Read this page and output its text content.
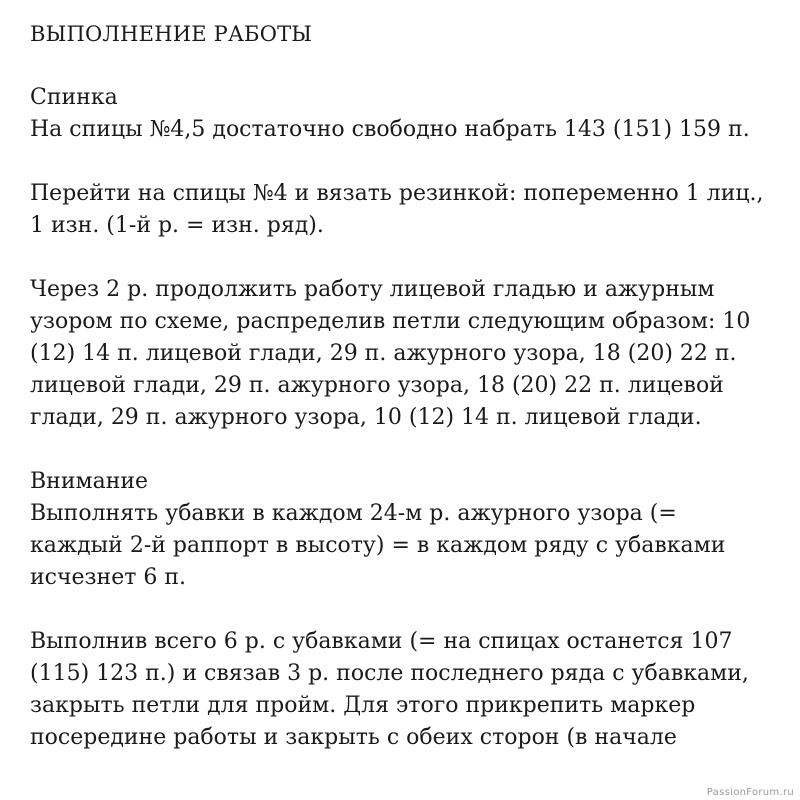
ВЫПОЛНЕНИЕ РАБОТЫ

Спинка

На спицы №4,5 достаточно свободно набрать 143 (151) 159 п.

Перейти на спицы №4 и вязать резинкой: попеременно 1 лиц.,

1 изн. (1-й р. = изн. ряд).

Через 2 р. продолжить работу лицевой гладью и ажурным

узором по схеме, распределив петли следующим образом: 10

(12) 14 п. лицевой глади, 29 п. ажурного узора, 18 (20) 22 п.

лицевой глади, 29 п. ажурного узора, 18 (20) 22 п. лицевой

глади, 29 п. ажурного узора, 10 (12) 14 п. лицевой глади.

Внимание

Выполнять убавки в каждом 24-м р. ажурного узора (=

каждый 2-й раппорт в высоту) = в каждом ряду с убавками

исчезнет 6 п.

Выполнив всего 6 р. с убавками (= на спицах останется 107

(115) 123 п.) и связав 3 р. после последнего ряда с убавками,

закрыть петли для пройм. Для этого прикрепить маркер

посередине работы и закрыть с обеих сторон (в начале

PassionForum.ru
